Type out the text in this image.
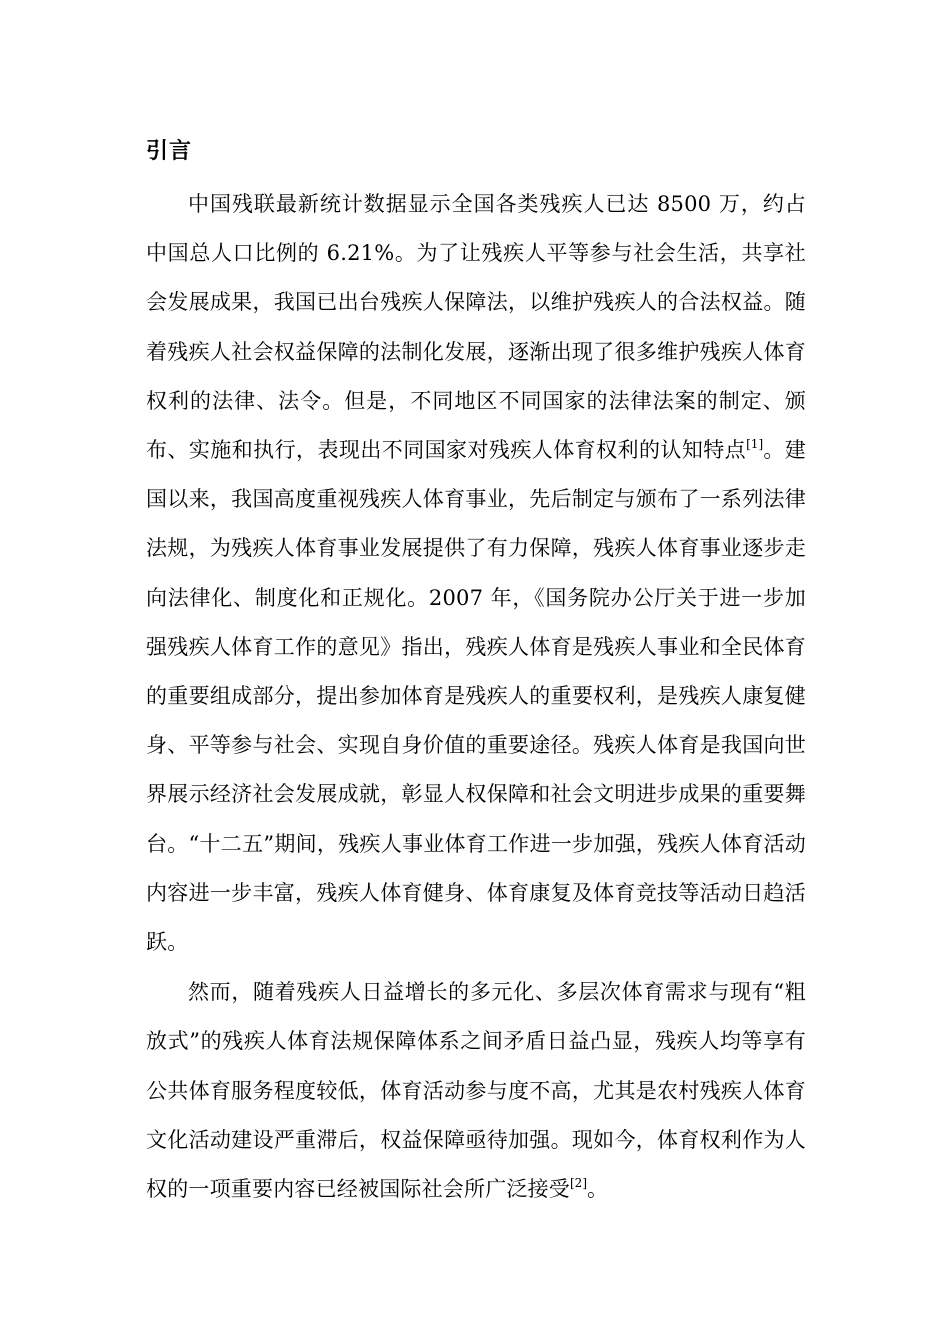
引言

中国残联最新统计数据显示全国各类残疾人已达 8500 万，约占中国总人口比例的 6.21%。为了让残疾人平等参与社会生活，共享社会发展成果，我国已出台残疾人保障法，以维护残疾人的合法权益。随着残疾人社会权益保障的法制化发展，逐渐出现了很多维护残疾人体育权利的法律、法令。但是，不同地区不同国家的法律法案的制定、颁布、实施和执行，表现出不同国家对残疾人体育权利的认知特点[1]。建国以来，我国高度重视残疾人体育事业，先后制定与颁布了一系列法律法规，为残疾人体育事业发展提供了有力保障，残疾人体育事业逐步走向法律化、制度化和正规化。2007 年，《国务院办公厅关于进一步加强残疾人体育工作的意见》指出，残疾人体育是残疾人事业和全民体育的重要组成部分，提出参加体育是残疾人的重要权利，是残疾人康复健身、平等参与社会、实现自身价值的重要途径。残疾人体育是我国向世界展示经济社会发展成就，彰显人权保障和社会文明进步成果的重要舞台。“十二五”期间，残疾人事业体育工作进一步加强，残疾人体育活动内容进一步丰富，残疾人体育健身、体育康复及体育竞技等活动日趋活跃。

然而，随着残疾人日益增长的多元化、多层次体育需求与现有“粗放式”的残疾人体育法规保障体系之间矛盾日益凸显，残疾人均等享有公共体育服务程度较低，体育活动参与度不高，尤其是农村残疾人体育文化活动建设严重滞后，权益保障亟待加强。现如今，体育权利作为人权的一项重要内容已经被国际社会所广泛接受[2]。
